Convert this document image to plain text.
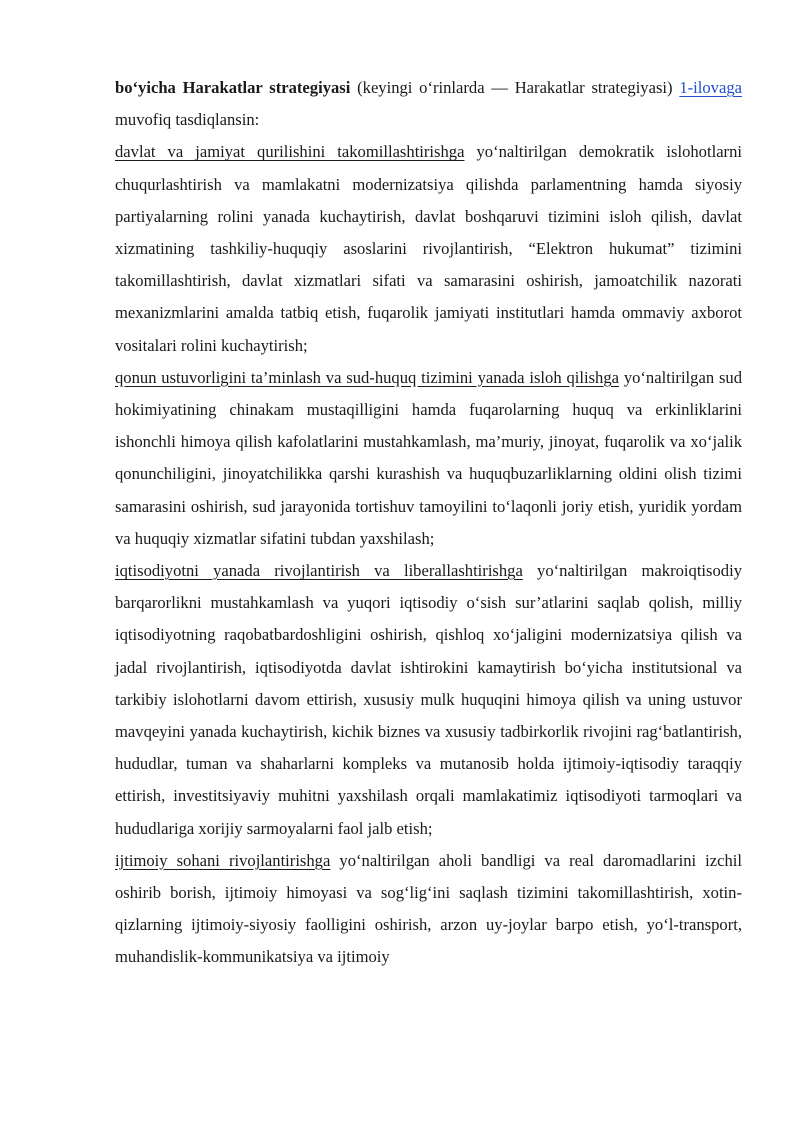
bo‘yicha Harakatlar strategiyasi (keyingi o‘rinlarda — Harakatlar strategiyasi) 1-ilovaga muvofiq tasdiqlansin:

davlat va jamiyat qurilishini takomillashtirishga yo‘naltirilgan demokratik islohotlarni chuqurlashtirish va mamlakatni modernizatsiya qilishda parlamentning hamda siyosiy partiyalarning rolini yanada kuchaytirish, davlat boshqaruvi tizimini isloh qilish, davlat xizmatining tashkiliy-huquqiy asoslarini rivojlantirish, “Elektron hukumat” tizimini takomillashtirish, davlat xizmatlari sifati va samarasini oshirish, jamoatchilik nazorati mexanizmlarini amalda tatbiq etish, fuqarolik jamiyati institutlari hamda ommaviy axborot vositalari rolini kuchaytirish;

qonun ustuvorligini ta’minlash va sud-huquq tizimini yanada isloh qilishga yo‘naltirilgan sud hokimiyatining chinakam mustaqilligini hamda fuqarolarning huquq va erkinliklarini ishonchli himoya qilish kafolatlarini mustahkamlash, ma’muriy, jinoyat, fuqarolik va xo‘jalik qonunchiligini, jinoyatchilikka qarshi kurashish va huquqbuzarliklarning oldini olish tizimi samarasini oshirish, sud jarayonida tortishuv tamoyilini to‘laqonli joriy etish, yuridik yordam va huquqiy xizmatlar sifatini tubdan yaxshilash;

iqtisodiyotni yanada rivojlantirish va liberallashtirishga yo‘naltirilgan makroiqtisodiy barqarorlikni mustahkamlash va yuqori iqtisodiy o‘sish sur’atlarini saqlab qolish, milliy iqtisodiyotning raqobatbardoshligini oshirish, qishloq xo‘jaligini modernizatsiya qilish va jadal rivojlantirish, iqtisodiyotda davlat ishtirokini kamaytirish bo‘yicha institutsional va tarkibiy islohotlarni davom ettirish, xususiy mulk huquqini himoya qilish va uning ustuvor mavqeyini yanada kuchaytirish, kichik biznes va xususiy tadbirkorlik rivojini rag‘batlantirish, hududlar, tuman va shaharlarni kompleks va mutanosib holda ijtimoiy-iqtisodiy taraqqiy ettirish, investitsiyaviy muhitni yaxshilash orqali mamlakatimiz iqtisodiyoti tarmoqlari va hududlariga xorijiy sarmoyalarni faol jalb etish;

ijtimoiy sohani rivojlantirishga yo‘naltirilgan aholi bandligi va real daromadlarini izchil oshirib borish, ijtimoiy himoyasi va sog‘lig‘ini saqlash tizimini takomillashtirish, xotin-qizlarning ijtimoiy-siyosiy faolligini oshirish, arzon uy-joylar barpo etish, yo‘l-transport, muhandislik-kommunikatsiya va ijtimoiy
